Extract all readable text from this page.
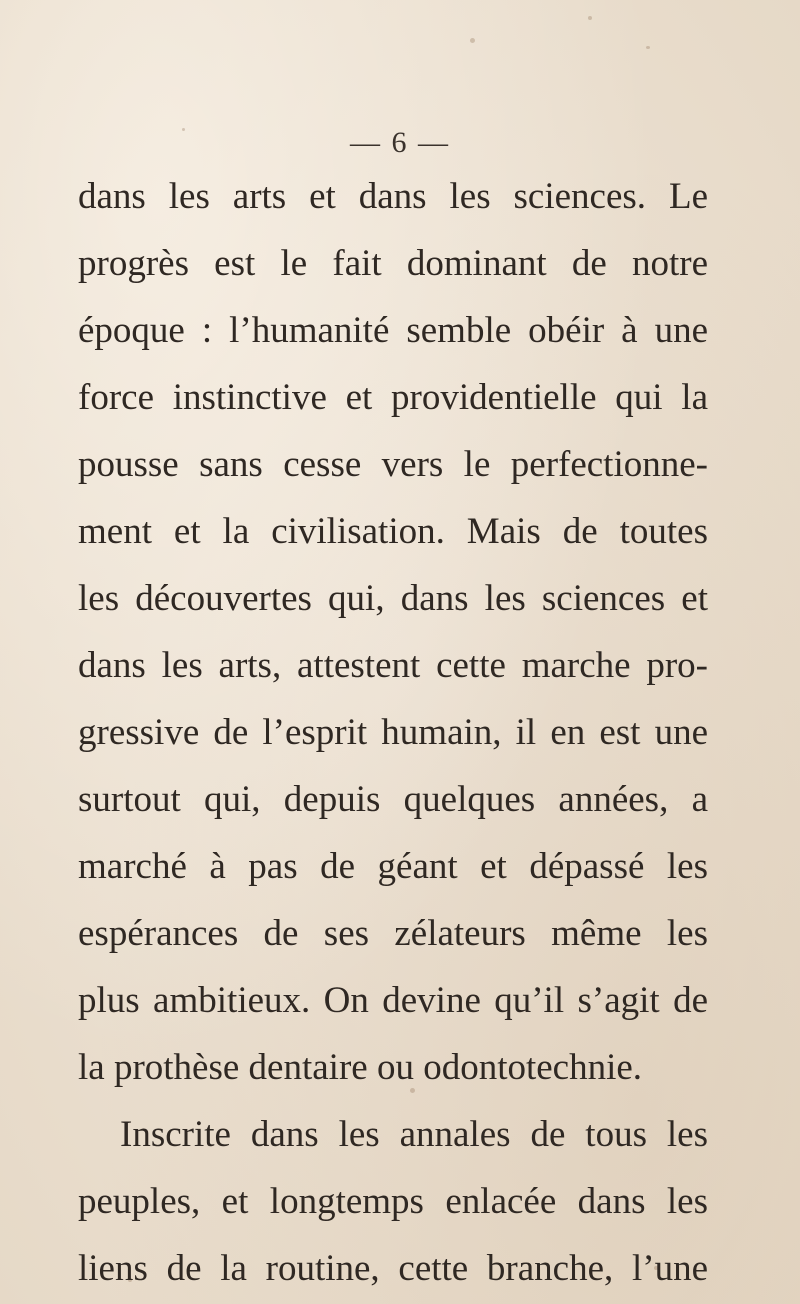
— 6 —
dans les arts et dans les sciences. Le
progrès est le fait dominant de notre
époque : l’humanité semble obéir à une
force instinctive et providentielle qui la
pousse sans cesse vers le perfectionne-
ment et la civilisation. Mais de toutes
les découvertes qui, dans les sciences et
dans les arts, attestent cette marche pro-
gressive de l’esprit humain, il en est une
surtout qui, depuis quelques années, a
marché à pas de géant et dépassé les
espérances de ses zélateurs même les
plus ambitieux. On devine qu’il s’agit de
la prothèse dentaire ou odontotechnie.
Inscrite dans les annales de tous les
peuples, et longtemps enlacée dans les
liens de la routine, cette branche, l’une
